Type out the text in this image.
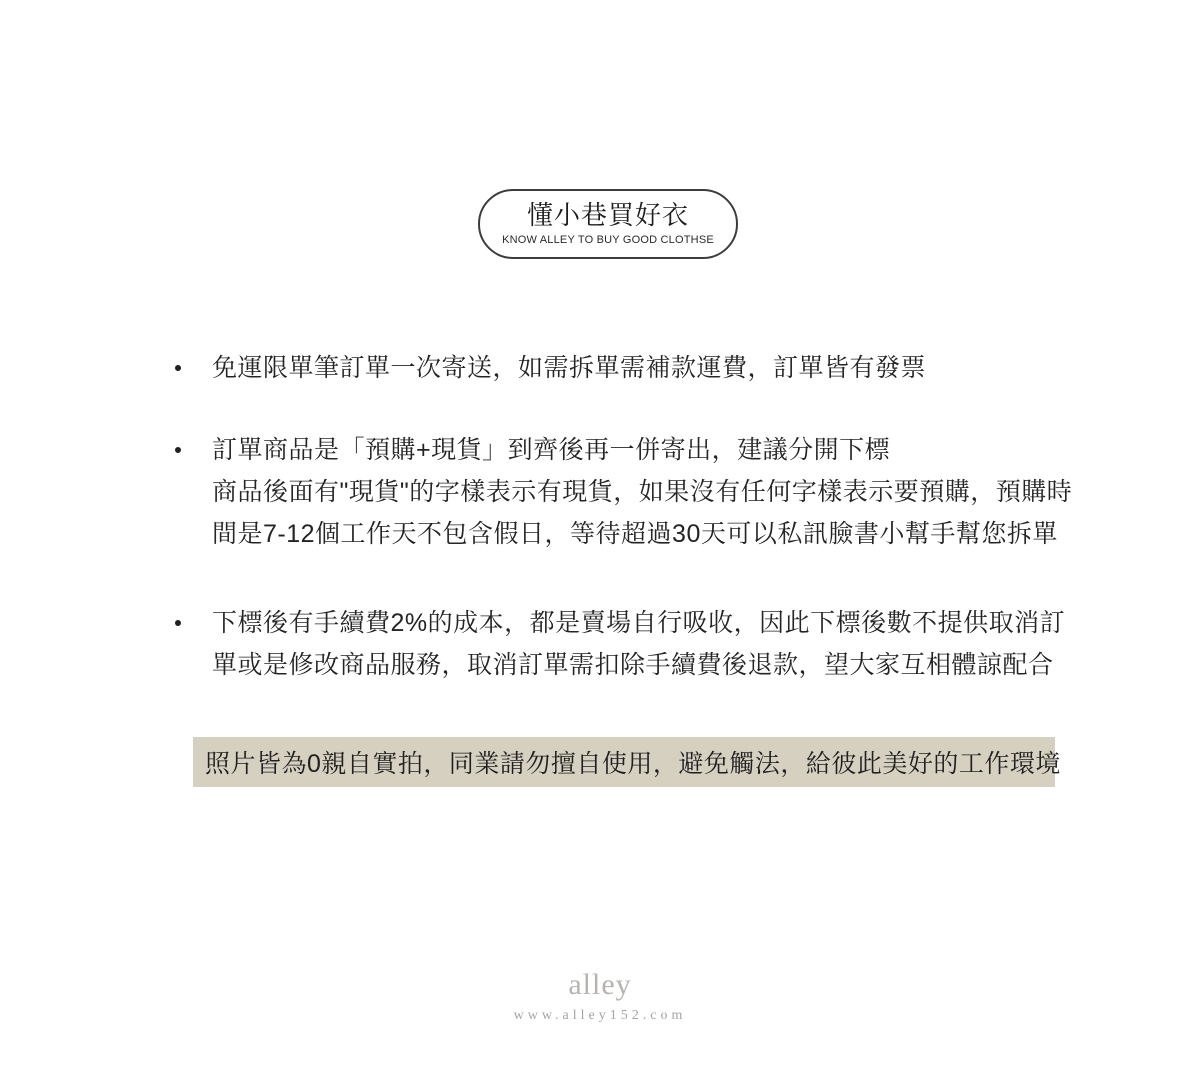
懂小巷買好衣
KNOW ALLEY TO BUY GOOD CLOTHSE
免運限單筆訂單一次寄送，如需拆單需補款運費，訂單皆有發票
訂單商品是「預購+現貨」到齊後再一併寄出，建議分開下標
商品後面有"現貨"的字樣表示有現貨，如果沒有任何字樣表示要預購，預購時
間是7-12個工作天不包含假日，等待超過30天可以私訊臉書小幫手幫您拆單
下標後有手續費2%的成本，都是賣場自行吸收，因此下標後數不提供取消訂
單或是修改商品服務，取消訂單需扣除手續費後退款，望大家互相體諒配合
照片皆為0親自實拍，同業請勿擅自使用，避免觸法，給彼此美好的工作環境
alley
www.alley152.com
